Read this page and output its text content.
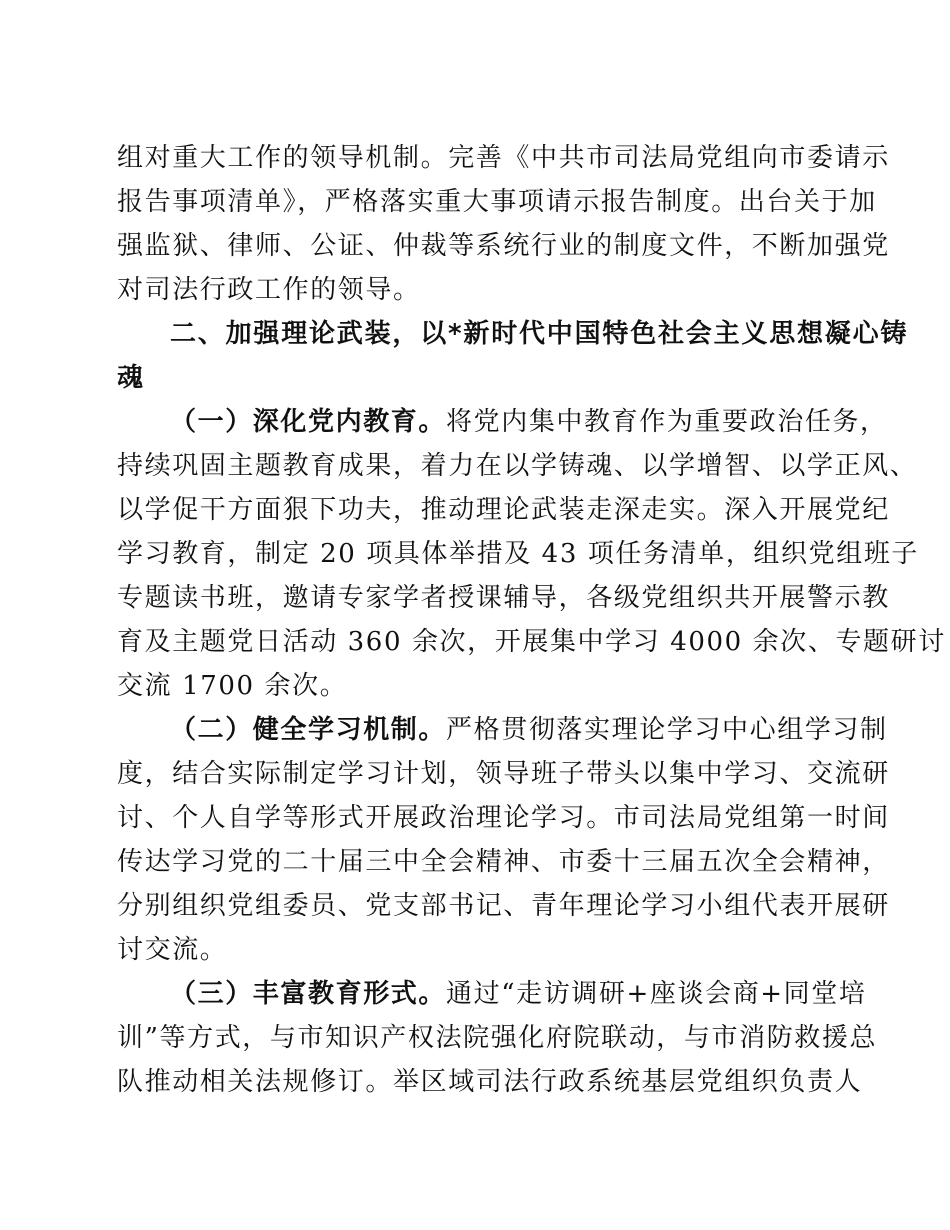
组对重大工作的领导机制。完善《中共市司法局党组向市委请示
报告事项清单》，严格落实重大事项请示报告制度。出台关于加
强监狱、律师、公证、仲裁等系统行业的制度文件，不断加强党
对司法行政工作的领导。
二、加强理论武装，以*新时代中国特色社会主义思想凝心铸
魂
（一）深化党内教育。将党内集中教育作为重要政治任务，
持续巩固主题教育成果，着力在以学铸魂、以学增智、以学正风、
以学促干方面狠下功夫，推动理论武装走深走实。深入开展党纪
学习教育，制定 20 项具体举措及 43 项任务清单，组织党组班子
专题读书班，邀请专家学者授课辅导，各级党组织共开展警示教
育及主题党日活动 360 余次，开展集中学习 4000 余次、专题研讨
交流 1700 余次。
（二）健全学习机制。严格贯彻落实理论学习中心组学习制
度，结合实际制定学习计划，领导班子带头以集中学习、交流研
讨、个人自学等形式开展政治理论学习。市司法局党组第一时间
传达学习党的二十届三中全会精神、市委十三届五次全会精神，
分别组织党组委员、党支部书记、青年理论学习小组代表开展研
讨交流。
（三）丰富教育形式。通过“走访调研+座谈会商+同堂培
训”等方式，与市知识产权法院强化府院联动，与市消防救援总
队推动相关法规修订。举区域司法行政系统基层党组织负责人
